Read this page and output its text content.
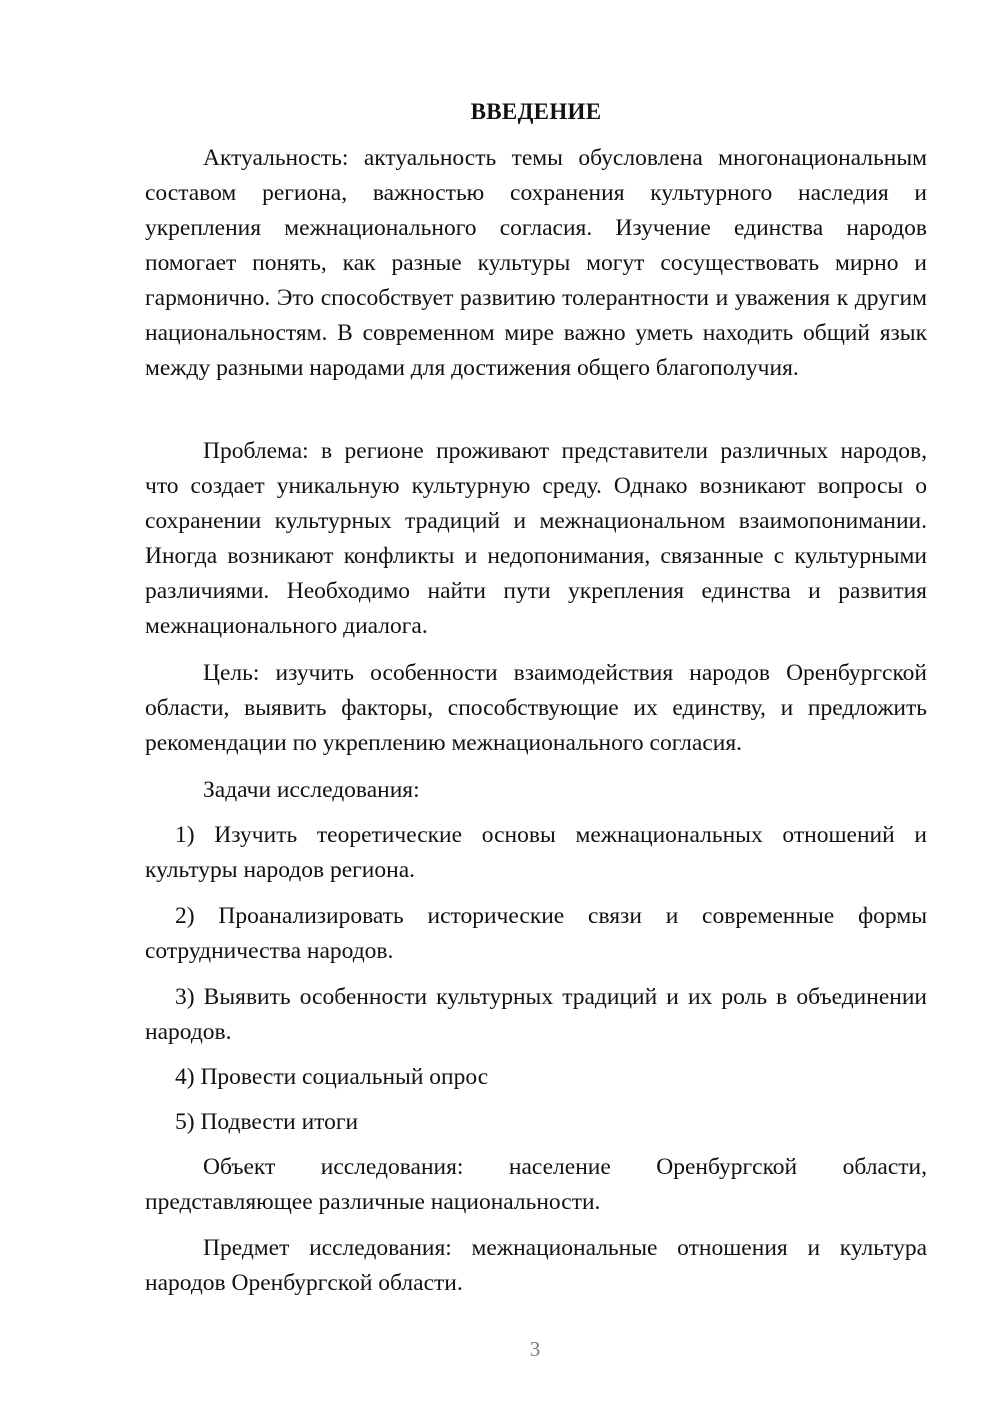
ВВЕДЕНИЕ

Актуальность: актуальность темы обусловлена многонациональным составом региона, важностью сохранения культурного наследия и укрепления межнационального согласия. Изучение единства народов помогает понять, как разные культуры могут сосуществовать мирно и гармонично. Это способствует развитию толерантности и уважения к другим национальностям. В современном мире важно уметь находить общий язык между разными народами для достижения общего благополучия.

Проблема: в регионе проживают представители различных народов, что создает уникальную культурную среду. Однако возникают вопросы о сохранении культурных традиций и межнациональном взаимопонимании. Иногда возникают конфликты и недопонимания, связанные с культурными различиями. Необходимо найти пути укрепления единства и развития межнационального диалога.

Цель: изучить особенности взаимодействия народов Оренбургской области, выявить факторы, способствующие их единству, и предложить рекомендации по укреплению межнационального согласия.

Задачи исследования:

1) Изучить теоретические основы межнациональных отношений и культуры народов региона.

2) Проанализировать исторические связи и современные формы сотрудничества народов.

3) Выявить особенности культурных традиций и их роль в объединении народов.

4) Провести социальный опрос

5) Подвести итоги

Объект исследования: население Оренбургской области, представляющее различные национальности.

Предмет исследования: межнациональные отношения и культура народов Оренбургской области.

3
